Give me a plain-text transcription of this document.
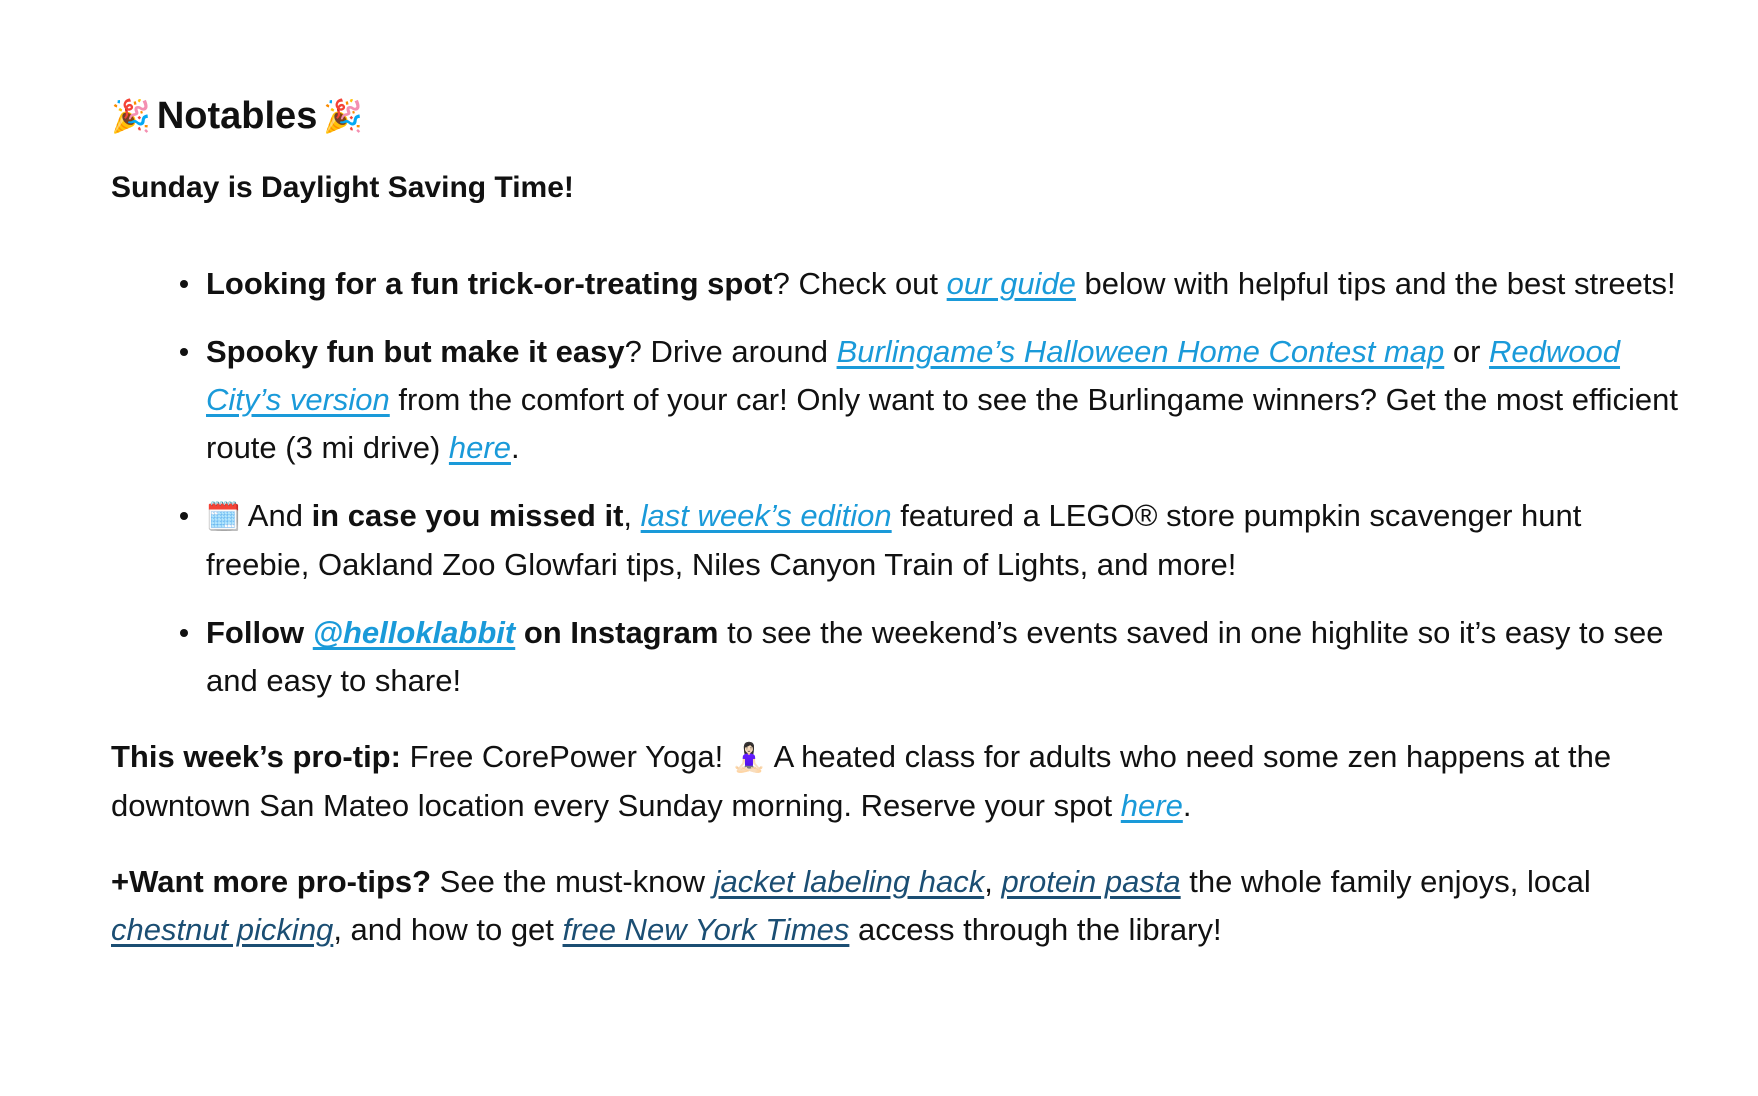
🎉 Notables 🎉
Sunday is Daylight Saving Time!
Looking for a fun trick-or-treating spot? Check out our guide below with helpful tips and the best streets!
Spooky fun but make it easy? Drive around Burlingame’s Halloween Home Contest map or Redwood City’s version from the comfort of your car! Only want to see the Burlingame winners? Get the most efficient route (3 mi drive) here.
🗓️ And in case you missed it, last week’s edition featured a LEGO® store pumpkin scavenger hunt freebie, Oakland Zoo Glowfari tips, Niles Canyon Train of Lights, and more!
Follow @helloklabbit on Instagram to see the weekend’s events saved in one highlite so it’s easy to see and easy to share!

This week’s pro-tip: Free CorePower Yoga! 🧘🏻‍♀️ A heated class for adults who need some zen happens at the downtown San Mateo location every Sunday morning. Reserve your spot here.

+Want more pro-tips? See the must-know jacket labeling hack, protein pasta the whole family enjoys, local chestnut picking, and how to get free New York Times access through the library!
